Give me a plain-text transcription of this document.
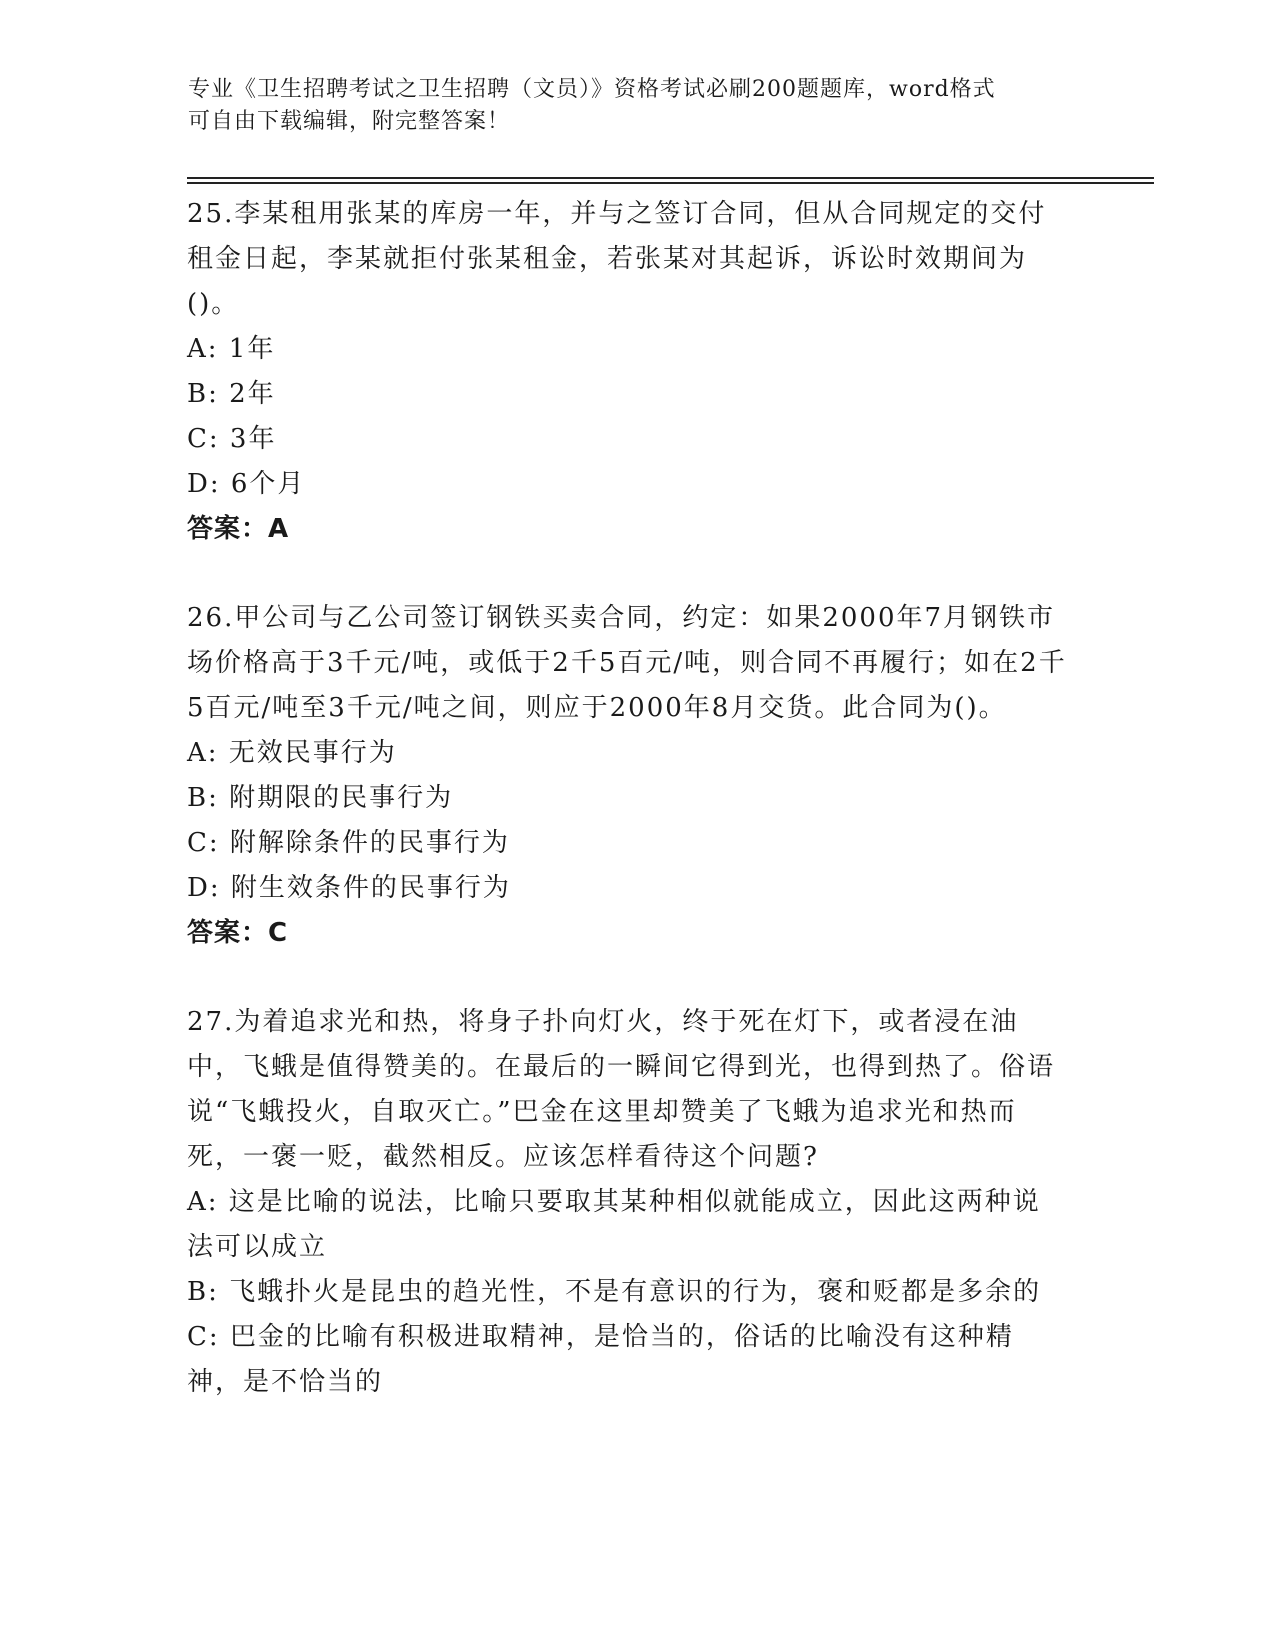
专业《卫生招聘考试之卫生招聘（文员）》资格考试必刷200题题库，word格式
可自由下载编辑，附完整答案！
25.李某租用张某的库房一年，并与之签订合同，但从合同规定的交付租金日起，李某就拒付张某租金，若张某对其起诉，诉讼时效期间为()。
A: 1年
B: 2年
C: 3年
D: 6个月
答案：A
26.甲公司与乙公司签订钢铁买卖合同，约定：如果2000年7月钢铁市场价格高于3千元/吨，或低于2千5百元/吨，则合同不再履行；如在2千5百元/吨至3千元/吨之间，则应于2000年8月交货。此合同为()。
A: 无效民事行为
B: 附期限的民事行为
C: 附解除条件的民事行为
D: 附生效条件的民事行为
答案：C
27.为着追求光和热，将身子扑向灯火，终于死在灯下，或者浸在油中，飞蛾是值得赞美的。在最后的一瞬间它得到光，也得到热了。俗语说“飞蛾投火，自取灭亡。”巴金在这里却赞美了飞蛾为追求光和热而死，一褒一贬，截然相反。应该怎样看待这个问题?
A: 这是比喻的说法，比喻只要取其某种相似就能成立，因此这两种说法可以成立
B: 飞蛾扑火是昆虫的趋光性，不是有意识的行为，褒和贬都是多余的
C: 巴金的比喻有积极进取精神，是恰当的，俗话的比喻没有这种精神，是不恰当的
